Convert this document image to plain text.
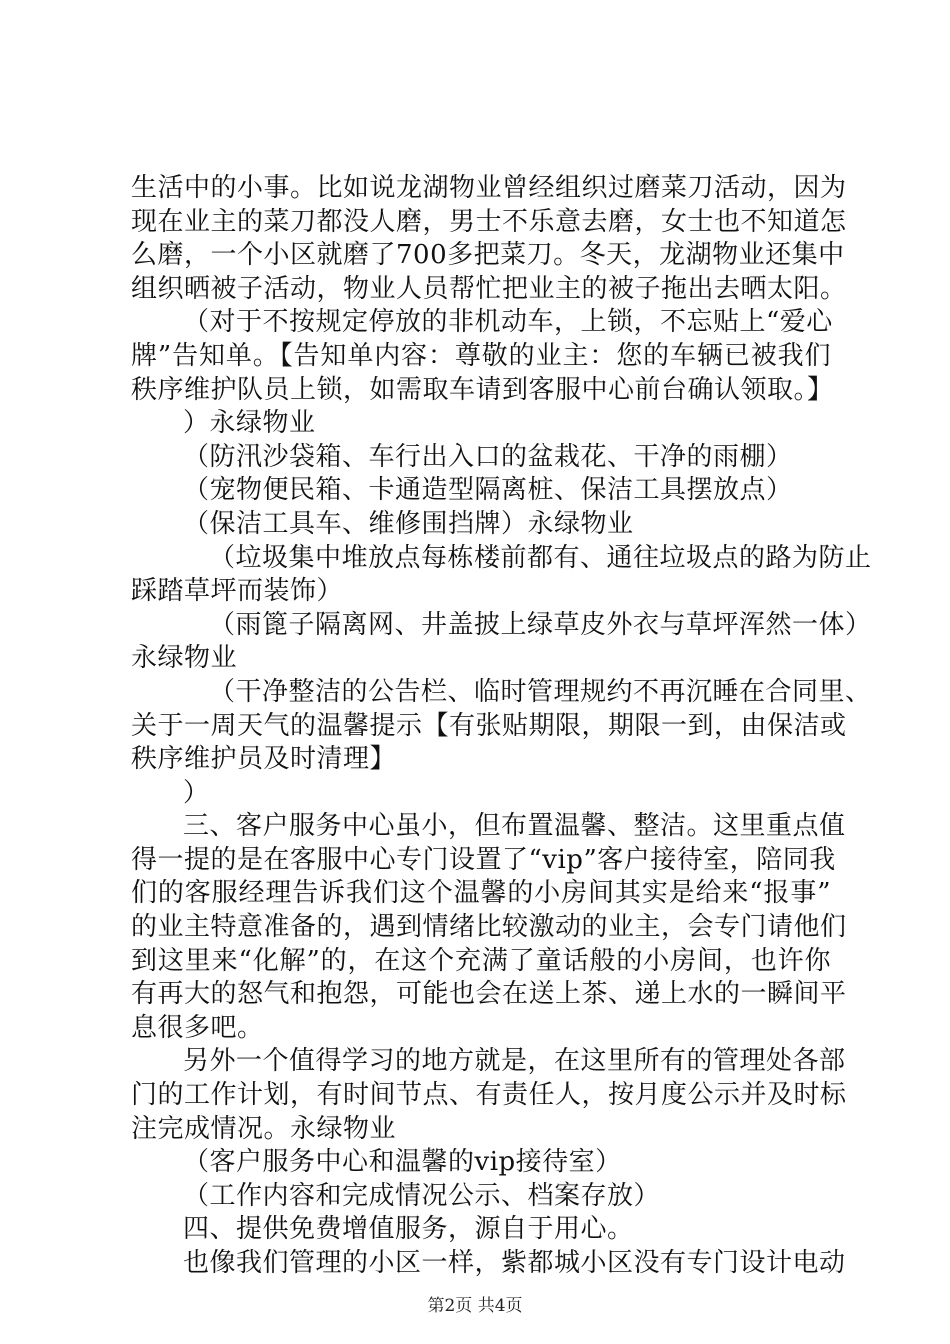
生活中的小事。比如说龙湖物业曾经组织过磨菜刀活动，因为
现在业主的菜刀都没人磨，男士不乐意去磨，女士也不知道怎
么磨，一个小区就磨了700多把菜刀。冬天，龙湖物业还集中
组织晒被子活动，物业人员帮忙把业主的被子拖出去晒太阳。
（对于不按规定停放的非机动车，上锁，不忘贴上“爱心
牌”告知单。【告知单内容：尊敬的业主：您的车辆已被我们
秩序维护队员上锁，如需取车请到客服中心前台确认领取。】
）永绿物业
（防汛沙袋箱、车行出入口的盆栽花、干净的雨棚）
（宠物便民箱、卡通造型隔离桩、保洁工具摆放点）
（保洁工具车、维修围挡牌）永绿物业
（垃圾集中堆放点每栋楼前都有、通往垃圾点的路为防止
踩踏草坪而装饰）
（雨篦子隔离网、井盖披上绿草皮外衣与草坪浑然一体）
永绿物业
（干净整洁的公告栏、临时管理规约不再沉睡在合同里、
关于一周天气的温馨提示【有张贴期限，期限一到，由保洁或
秩序维护员及时清理】
）
三、客户服务中心虽小，但布置温馨、整洁。这里重点值
得一提的是在客服中心专门设置了“vip”客户接待室，陪同我
们的客服经理告诉我们这个温馨的小房间其实是给来“报事”
的业主特意准备的，遇到情绪比较激动的业主，会专门请他们
到这里来“化解”的，在这个充满了童话般的小房间，也许你
有再大的怒气和抱怨，可能也会在送上茶、递上水的一瞬间平
息很多吧。
另外一个值得学习的地方就是，在这里所有的管理处各部
门的工作计划，有时间节点、有责任人，按月度公示并及时标
注完成情况。永绿物业
（客户服务中心和温馨的vip接待室）
（工作内容和完成情况公示、档案存放）
四、提供免费增值服务，源自于用心。
也像我们管理的小区一样，紫都城小区没有专门设计电动
第2页 共4页
